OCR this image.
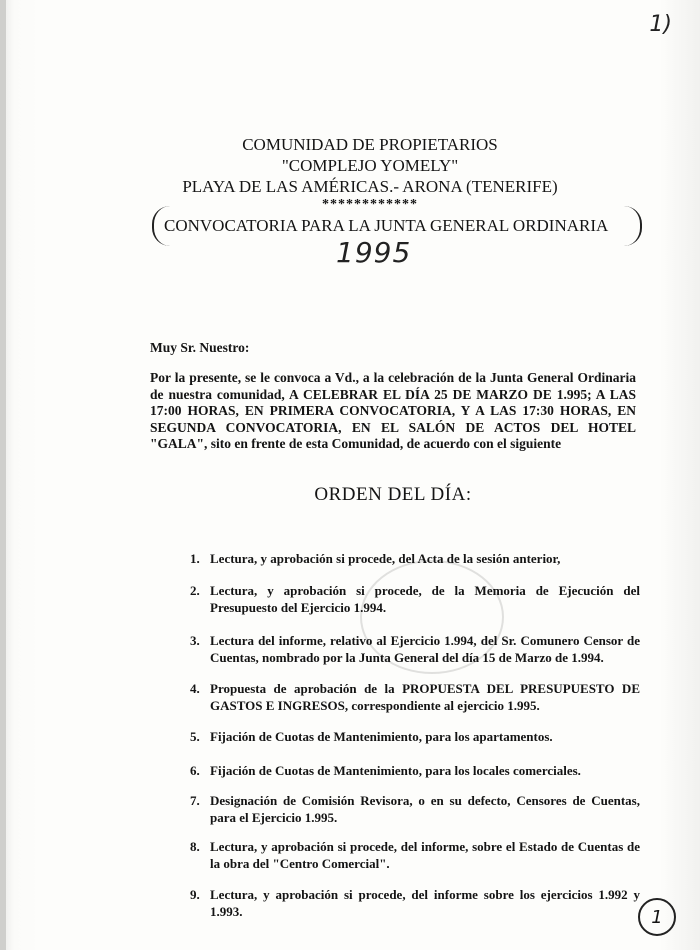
1)
COMUNIDAD DE PROPIETARIOS
"COMPLEJO YOMELY"
PLAYA DE LAS AMÉRICAS.- ARONA (TENERIFE)
************
CONVOCATORIA PARA LA JUNTA GENERAL ORDINARIA
1995
Muy Sr. Nuestro:
Por la presente, se le convoca a Vd., a la celebración de la Junta General Ordinaria de nuestra comunidad, A CELEBRAR EL DÍA 25 DE MARZO DE 1.995; A LAS 17:00 HORAS, EN PRIMERA CONVOCATORIA, Y A LAS 17:30 HORAS, EN SEGUNDA CONVOCATORIA, EN EL SALÓN DE ACTOS DEL HOTEL "GALA", sito en frente de esta Comunidad, de acuerdo con el siguiente
ORDEN DEL DÍA:
1. Lectura, y aprobación si procede, del Acta de la sesión anterior,
2. Lectura, y aprobación si procede, de la Memoria de Ejecución del Presupuesto del Ejercicio 1.994.
3. Lectura del informe, relativo al Ejercicio 1.994, del Sr. Comunero Censor de Cuentas, nombrado por la Junta General del día 15 de Marzo de 1.994.
4. Propuesta de aprobación de la PROPUESTA DEL PRESUPUESTO DE GASTOS E INGRESOS, correspondiente al ejercicio 1.995.
5. Fijación de Cuotas de Mantenimiento, para los apartamentos.
6. Fijación de Cuotas de Mantenimiento, para los locales comerciales.
7. Designación de Comisión Revisora, o en su defecto, Censores de Cuentas, para el Ejercicio 1.995.
8. Lectura, y aprobación si procede, del informe, sobre el Estado de Cuentas de la obra del "Centro Comercial".
9. Lectura, y aprobación si procede, del informe sobre los ejercicios 1.992 y 1.993.	1
